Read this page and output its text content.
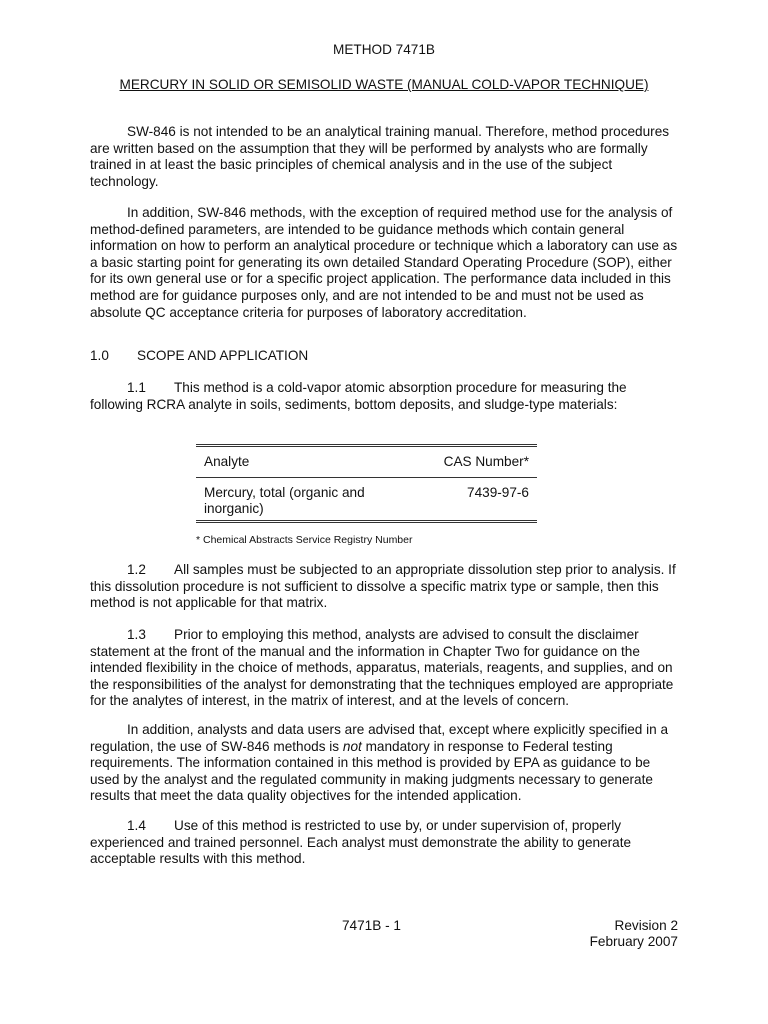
METHOD 7471B
MERCURY IN SOLID OR SEMISOLID WASTE (MANUAL COLD-VAPOR TECHNIQUE)

SW-846 is not intended to be an analytical training manual. Therefore, method procedures are written based on the assumption that they will be performed by analysts who are formally trained in at least the basic principles of chemical analysis and in the use of the subject technology.

In addition, SW-846 methods, with the exception of required method use for the analysis of method-defined parameters, are intended to be guidance methods which contain general information on how to perform an analytical procedure or technique which a laboratory can use as a basic starting point for generating its own detailed Standard Operating Procedure (SOP), either for its own general use or for a specific project application. The performance data included in this method are for guidance purposes only, and are not intended to be and must not be used as absolute QC acceptance criteria for purposes of laboratory accreditation.

1.0 SCOPE AND APPLICATION

1.1 This method is a cold-vapor atomic absorption procedure for measuring the following RCRA analyte in soils, sediments, bottom deposits, and sludge-type materials:

Analyte	CAS Number*
Mercury, total (organic and inorganic)	7439-97-6
* Chemical Abstracts Service Registry Number

1.2 All samples must be subjected to an appropriate dissolution step prior to analysis. If this dissolution procedure is not sufficient to dissolve a specific matrix type or sample, then this method is not applicable for that matrix.

1.3 Prior to employing this method, analysts are advised to consult the disclaimer statement at the front of the manual and the information in Chapter Two for guidance on the intended flexibility in the choice of methods, apparatus, materials, reagents, and supplies, and on the responsibilities of the analyst for demonstrating that the techniques employed are appropriate for the analytes of interest, in the matrix of interest, and at the levels of concern.

In addition, analysts and data users are advised that, except where explicitly specified in a regulation, the use of SW-846 methods is not mandatory in response to Federal testing requirements. The information contained in this method is provided by EPA as guidance to be used by the analyst and the regulated community in making judgments necessary to generate results that meet the data quality objectives for the intended application.

1.4 Use of this method is restricted to use by, or under supervision of, properly experienced and trained personnel. Each analyst must demonstrate the ability to generate acceptable results with this method.

7471B - 1	Revision 2
February 2007
